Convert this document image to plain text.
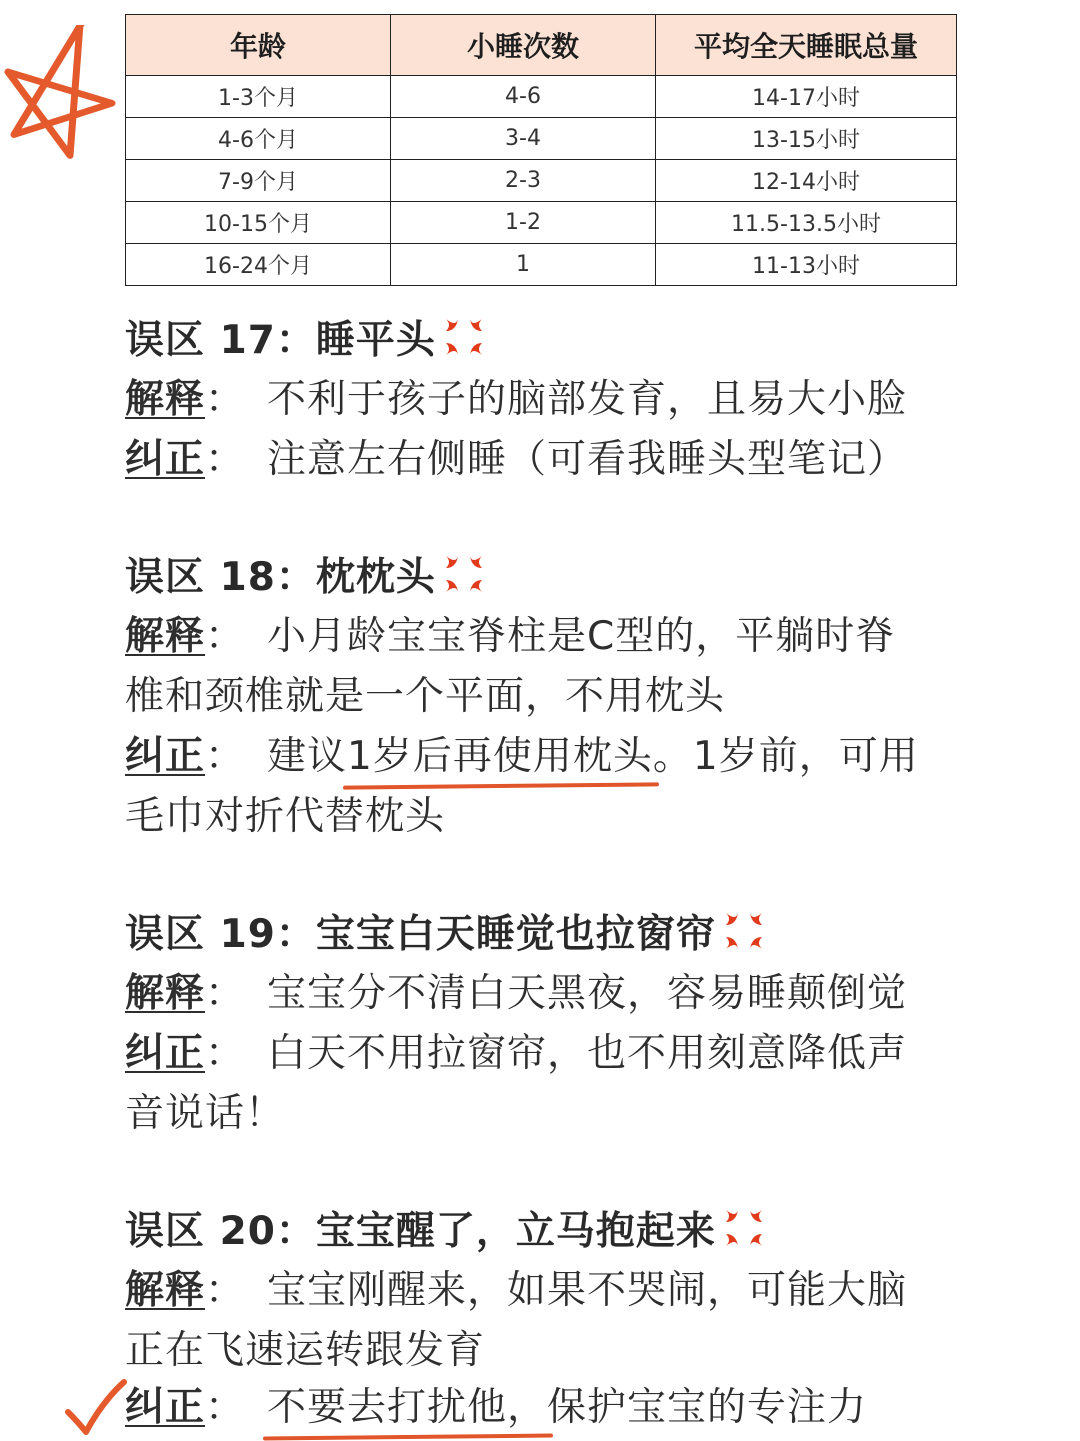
年龄	小睡次数	平均全天睡眠总量
1-3个月	4-6	14-17小时
4-6个月	3-4	13-15小时
7-9个月	2-3	12-14小时
10-15个月	1-2	11.5-13.5小时
16-24个月	1	11-13小时
误区 17：睡平头
解释： 不利于孩子的脑部发育，且易大小脸
纠正： 注意左右侧睡（可看我睡头型笔记）
误区 18：枕枕头
解释： 小月龄宝宝脊柱是C型的，平躺时脊
椎和颈椎就是一个平面，不用枕头
纠正： 建议1岁后再使用枕头。1岁前，可用
毛巾对折代替枕头
误区 19：宝宝白天睡觉也拉窗帘
解释： 宝宝分不清白天黑夜，容易睡颠倒觉
纠正： 白天不用拉窗帘，也不用刻意降低声
音说话！
误区 20：宝宝醒了，立马抱起来
解释： 宝宝刚醒来，如果不哭闹，可能大脑
正在飞速运转跟发育
纠正： 不要去打扰他，保护宝宝的专注力
